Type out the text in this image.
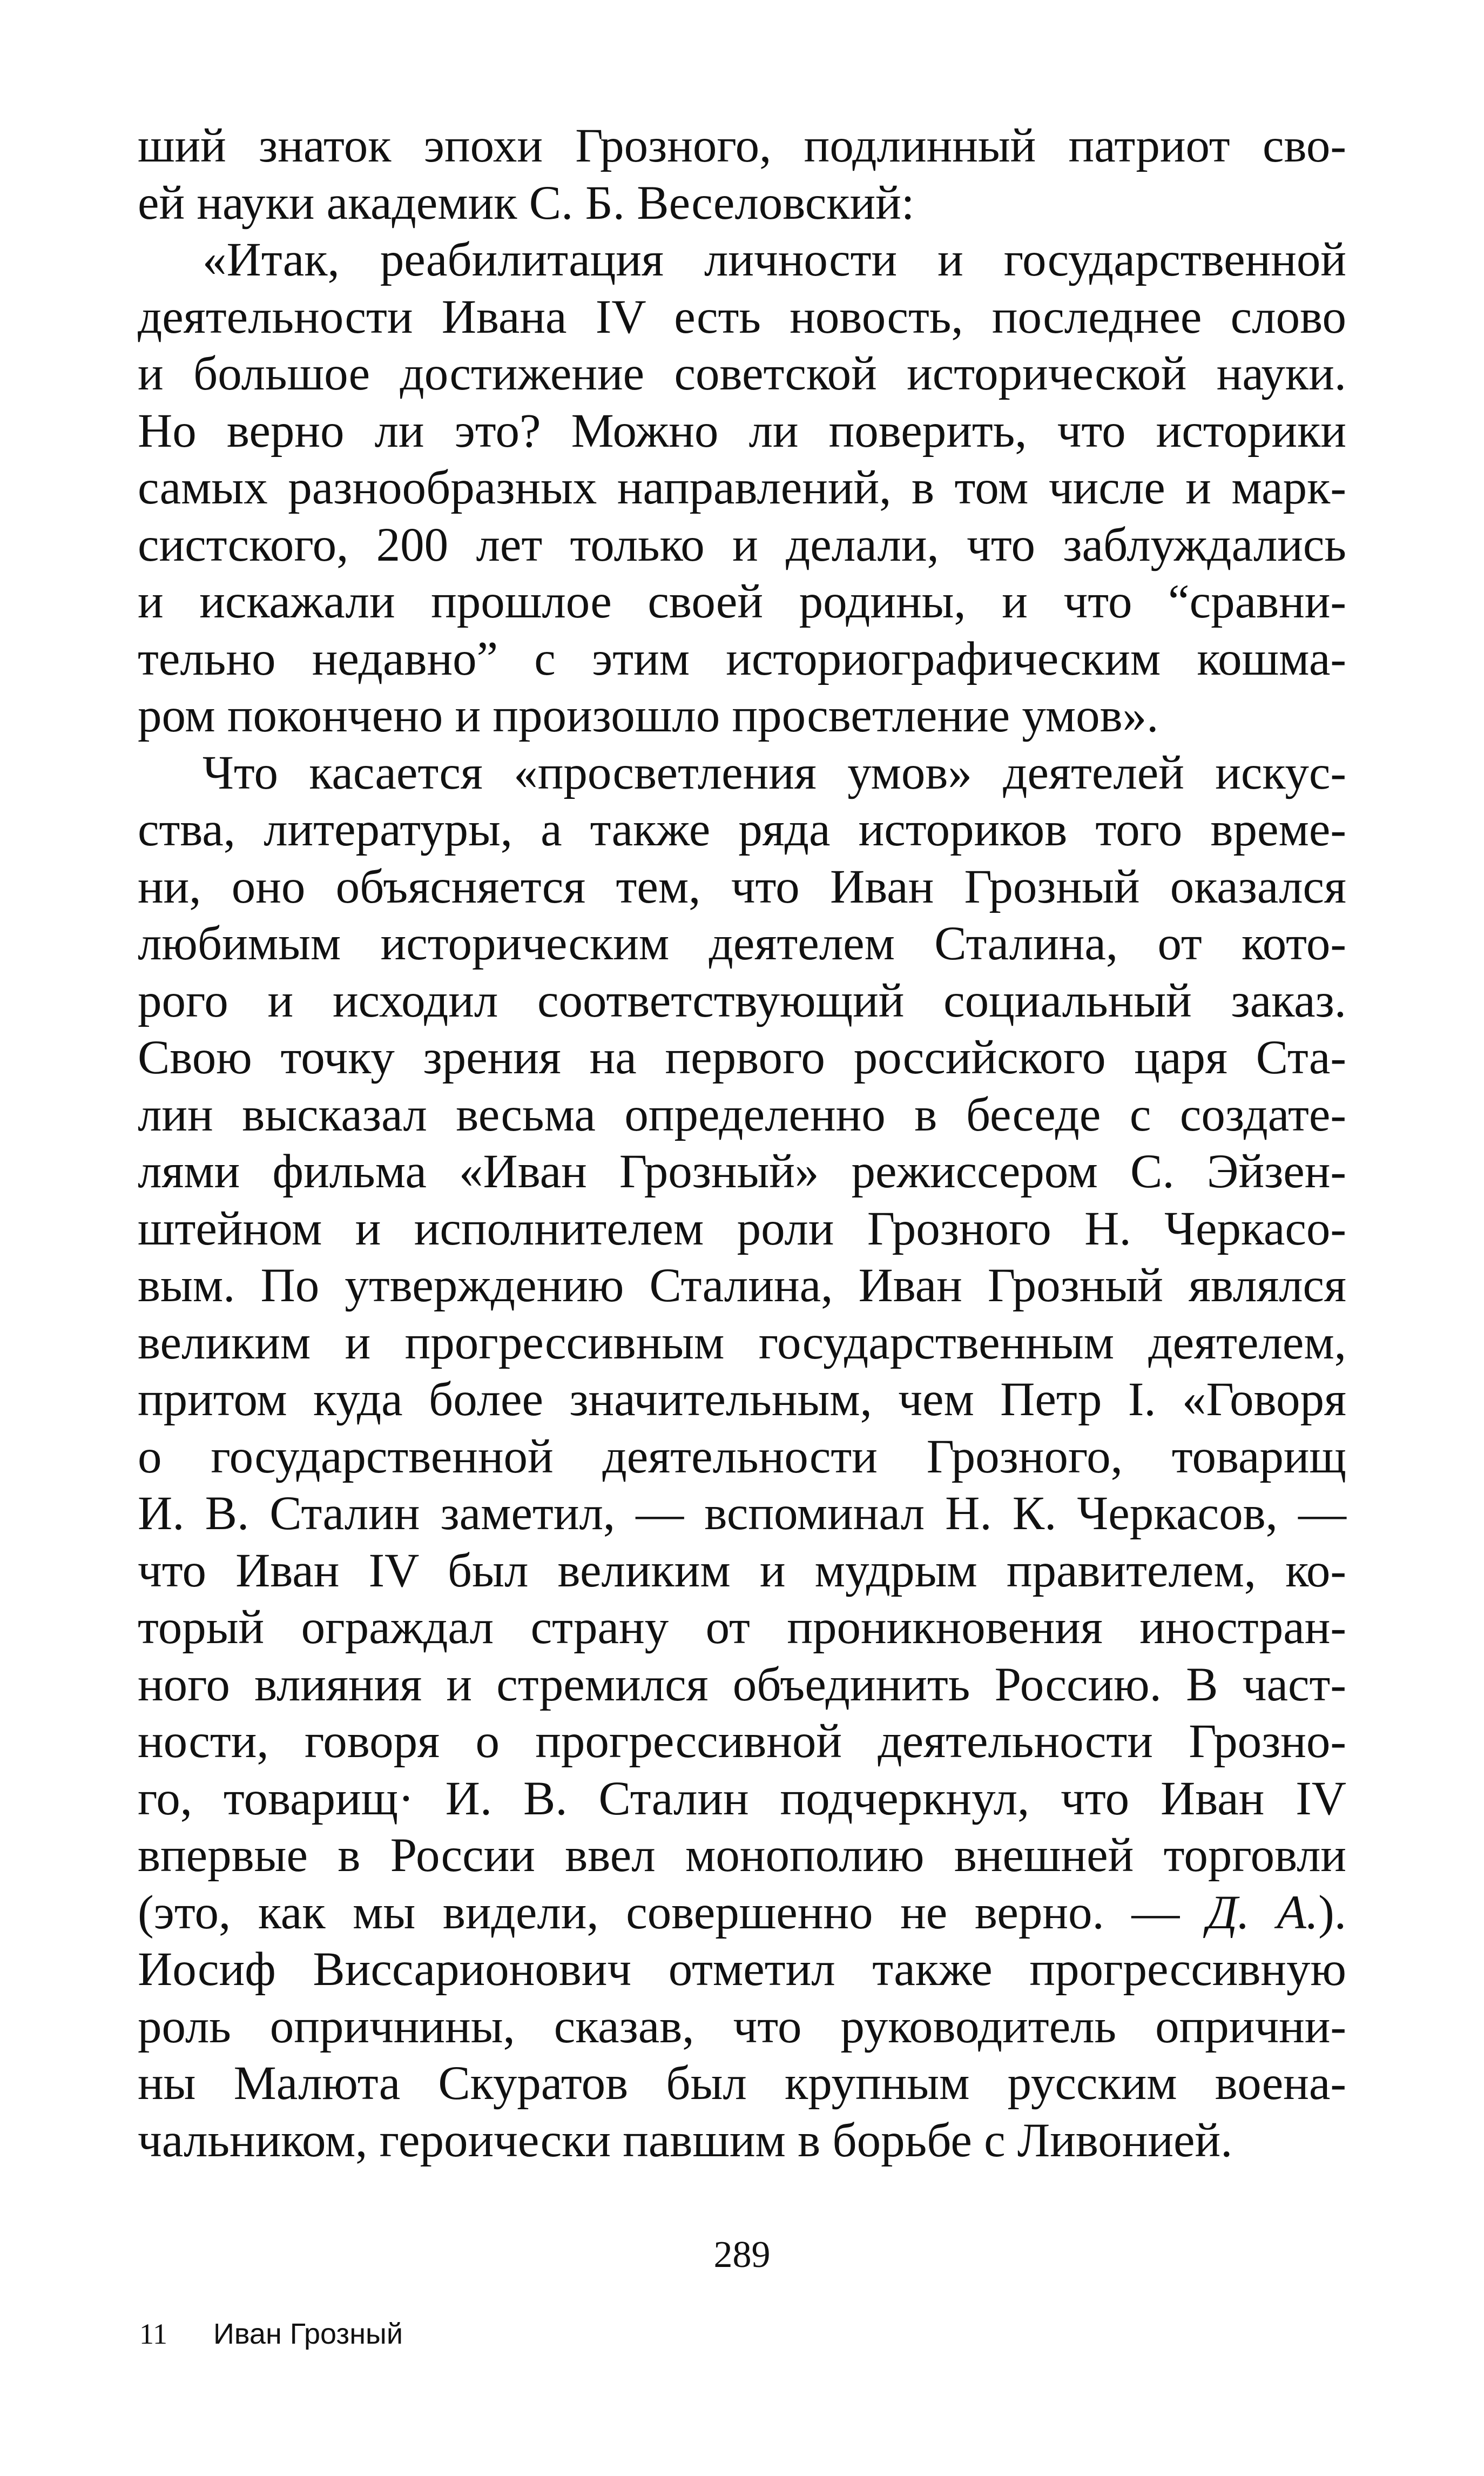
ший знаток эпохи Грозного, подлинный патриот сво-
ей науки академик С. Б. Веселовский:
«Итак, реабилитация личности и государственной
деятельности Ивана IV есть новость, последнее слово
и большое достижение советской исторической науки.
Но верно ли это? Можно ли поверить, что историки
самых разнообразных направлений, в том числе и марк-
систского, 200 лет только и делали, что заблуждались
и искажали прошлое своей родины, и что “сравни-
тельно недавно” с этим историографическим кошма-
ром покончено и произошло просветление умов».
Что касается «просветления умов» деятелей искус-
ства, литературы, а также ряда историков того време-
ни, оно объясняется тем, что Иван Грозный оказался
любимым историческим деятелем Сталина, от кото-
рого и исходил соответствующий социальный заказ.
Свою точку зрения на первого российского царя Ста-
лин высказал весьма определенно в беседе с создате-
лями фильма «Иван Грозный» режиссером С. Эйзен-
штейном и исполнителем роли Грозного Н. Черкасо-
вым. По утверждению Сталина, Иван Грозный являлся
великим и прогрессивным государственным деятелем,
притом куда более значительным, чем Петр I. «Говоря
о государственной деятельности Грозного, товарищ
И. В. Сталин заметил, — вспоминал Н. К. Черкасов, —
что Иван IV был великим и мудрым правителем, ко-
торый ограждал страну от проникновения иностран-
ного влияния и стремился объединить Россию. В част-
ности, говоря о прогрессивной деятельности Грозно-
го, товарищ· И. В. Сталин подчеркнул, что Иван IV
впервые в России ввел монополию внешней торговли
(это, как мы видели, совершенно не верно. — Д. А.).
Иосиф Виссарионович отметил также прогрессивную
роль опричнины, сказав, что руководитель опрични-
ны Малюта Скуратов был крупным русским военa-
чальником, героически павшим в борьбе с Ливонией.
289
11 Иван Грозный
